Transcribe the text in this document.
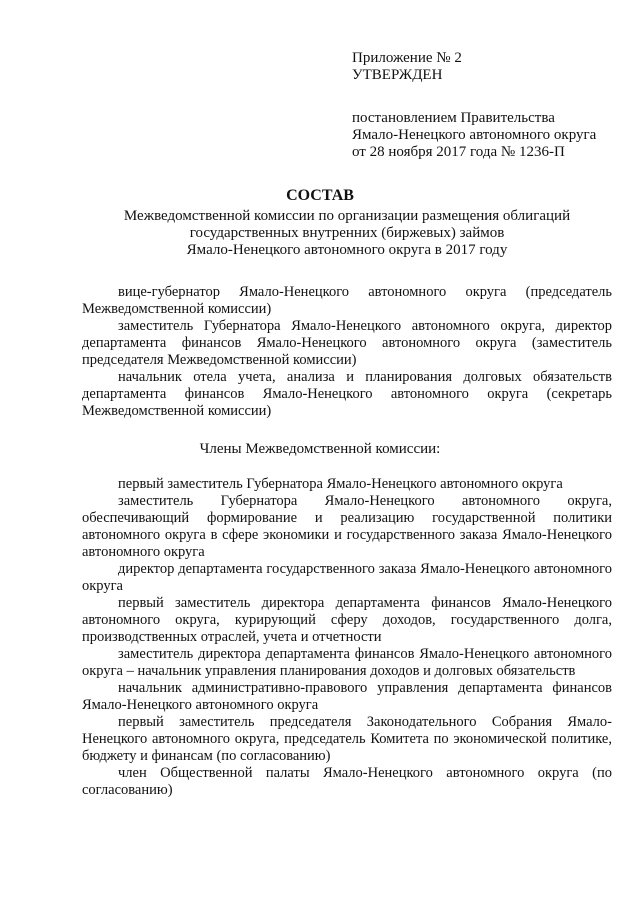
Приложение № 2
УТВЕРЖДЕН
постановлением Правительства
Ямало-Ненецкого автономного округа
от 28 ноября 2017 года № 1236-П
СОСТАВ
Межведомственной комиссии по организации размещения облигаций
государственных внутренних (биржевых) займов
Ямало-Ненецкого автономного округа в 2017 году

вице-губернатор Ямало-Ненецкого автономного округа (председатель Межведомственной комиссии)

заместитель Губернатора Ямало-Ненецкого автономного округа, директор департамента финансов Ямало-Ненецкого автономного округа (заместитель председателя Межведомственной комиссии)

начальник отела учета, анализа и планирования долговых обязательств департамента финансов Ямало-Ненецкого автономного округа (секретарь Межведомственной комиссии)

Члены Межведомственной комиссии:

первый заместитель Губернатора Ямало-Ненецкого автономного округа

заместитель Губернатора Ямало-Ненецкого автономного округа, обеспечивающий формирование и реализацию государственной политики автономного округа в сфере экономики и государственного заказа Ямало-Ненецкого автономного округа

директор департамента государственного заказа Ямало-Ненецкого автономного округа

первый заместитель директора департамента финансов Ямало-Ненецкого автономного округа, курирующий сферу доходов, государственного долга, производственных отраслей, учета и отчетности

заместитель директора департамента финансов Ямало-Ненецкого автономного округа – начальник управления планирования доходов и долговых обязательств

начальник административно-правового управления департамента финансов Ямало-Ненецкого автономного округа

первый заместитель председателя Законодательного Собрания Ямало-Ненецкого автономного округа, председатель Комитета по экономической политике, бюджету и финансам (по согласованию)

член Общественной палаты Ямало-Ненецкого автономного округа (по согласованию)
